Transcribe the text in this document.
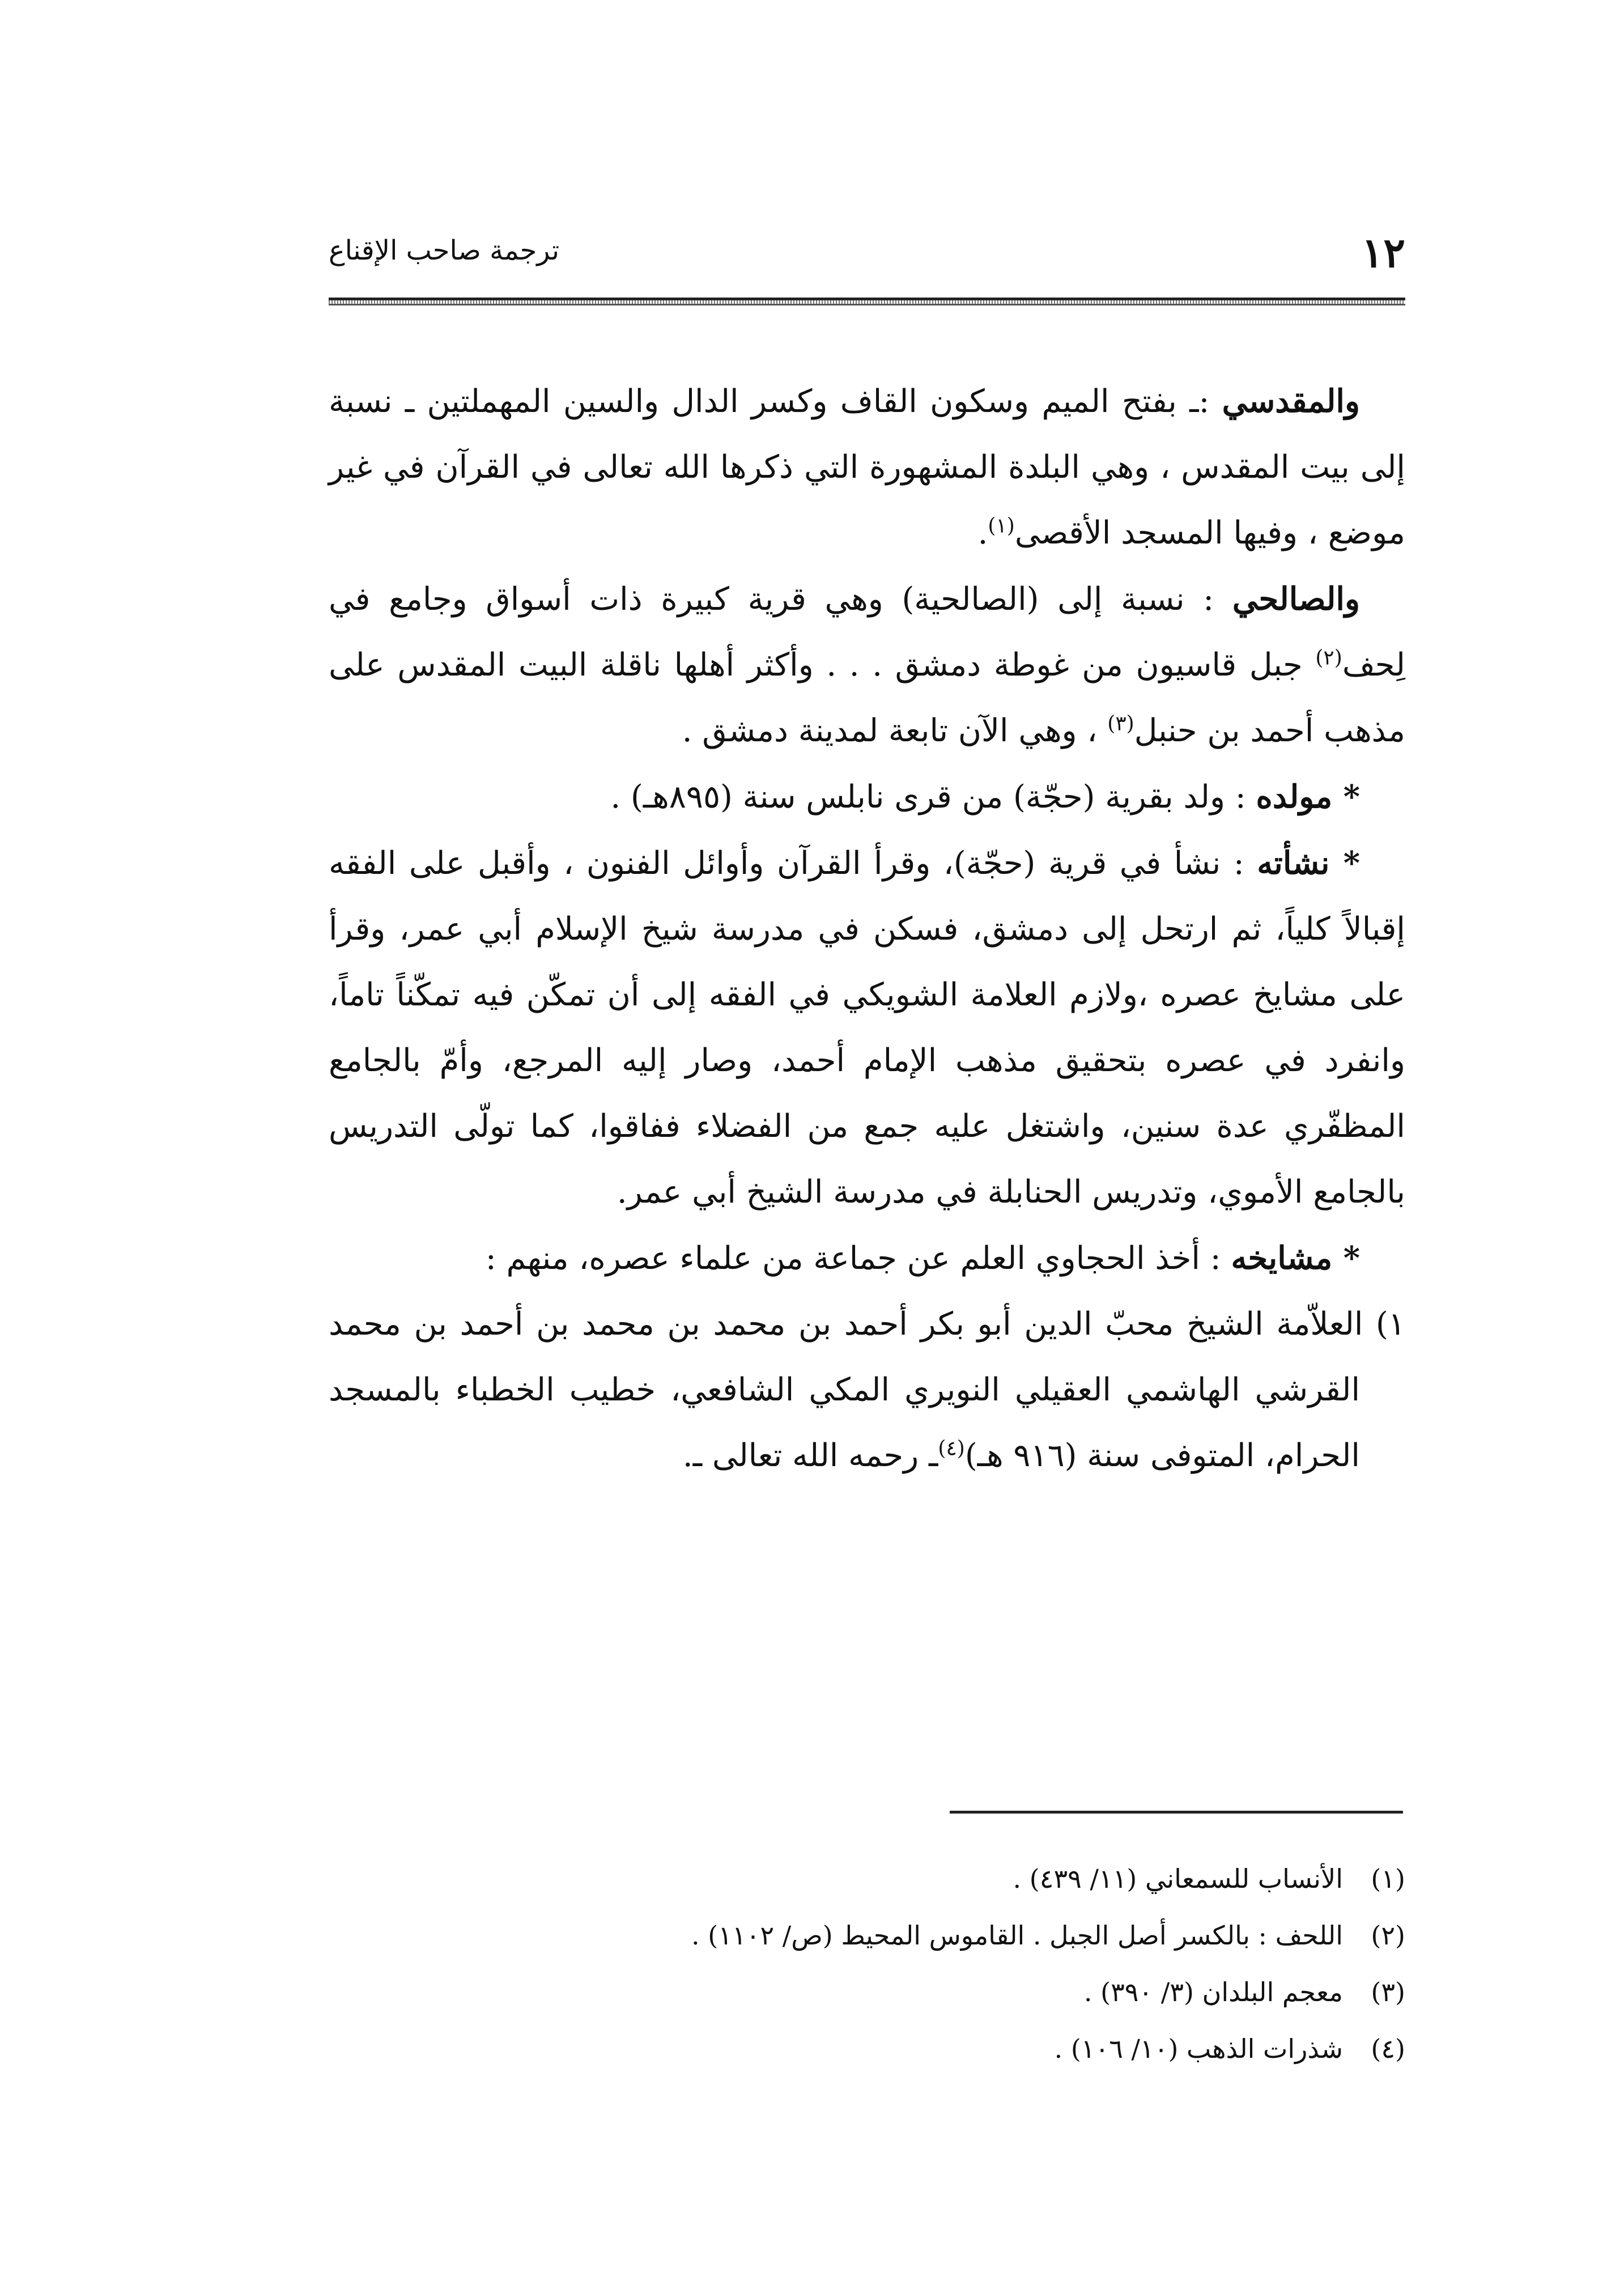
١٢
ترجمة صاحب الإقناع

والمقدسي :ـ بفتح الميم وسكون القاف وكسر الدال والسين المهملتين ـ نسبة إلى بيت المقدس ، وهي البلدة المشهورة التي ذكرها الله تعالى في القرآن في غير موضع ، وفيها المسجد الأقصى$^{(١)}$.

والصالحي : نسبة إلى (الصالحية) وهي قرية كبيرة ذات أسواق وجامع في لِحف$^{(٢)}$ جبل قاسيون من غوطة دمشق . . . وأكثر أهلها ناقلة البيت المقدس على مذهب أحمد بن حنبل$^{(٣)}$ ، وهي الآن تابعة لمدينة دمشق .

* مولده : ولد بقرية (حجّة) من قرى نابلس سنة (٨٩٥هـ) .

* نشأته : نشأ في قرية (حجّة)، وقرأ القرآن وأوائل الفنون ، وأقبل على الفقه إقبالاً كلياً، ثم ارتحل إلى دمشق، فسكن في مدرسة شيخ الإسلام أبي عمر، وقرأ على مشايخ عصره ،ولازم العلامة الشويكي في الفقه إلى أن تمكّن فيه تمكّناً تاماً، وانفرد في عصره بتحقيق مذهب الإمام أحمد، وصار إليه المرجع، وأمّ بالجامع المظفّري عدة سنين، واشتغل عليه جمع من الفضلاء ففاقوا، كما تولّى التدريس بالجامع الأموي، وتدريس الحنابلة في مدرسة الشيخ أبي عمر.

* مشايخه : أخذ الحجاوي العلم عن جماعة من علماء عصره، منهم :

١) العلاّمة الشيخ محبّ الدين أبو بكر أحمد بن محمد بن محمد بن أحمد بن محمد القرشي الهاشمي العقيلي النويري المكي الشافعي، خطيب الخطباء بالمسجد الحرام، المتوفى سنة (٩١٦ هـ)$^{(٤)}$ـ رحمه الله تعالى ـ.

(١)
الأنساب للسمعاني (١١/ ٤٣٩) .
(٢)
اللحف : بالكسر أصل الجبل . القاموس المحيط (ص/ ١١٠٢) .
(٣)
معجم البلدان (٣/ ٣٩٠) .
(٤)
شذرات الذهب (١٠/ ١٠٦) .
